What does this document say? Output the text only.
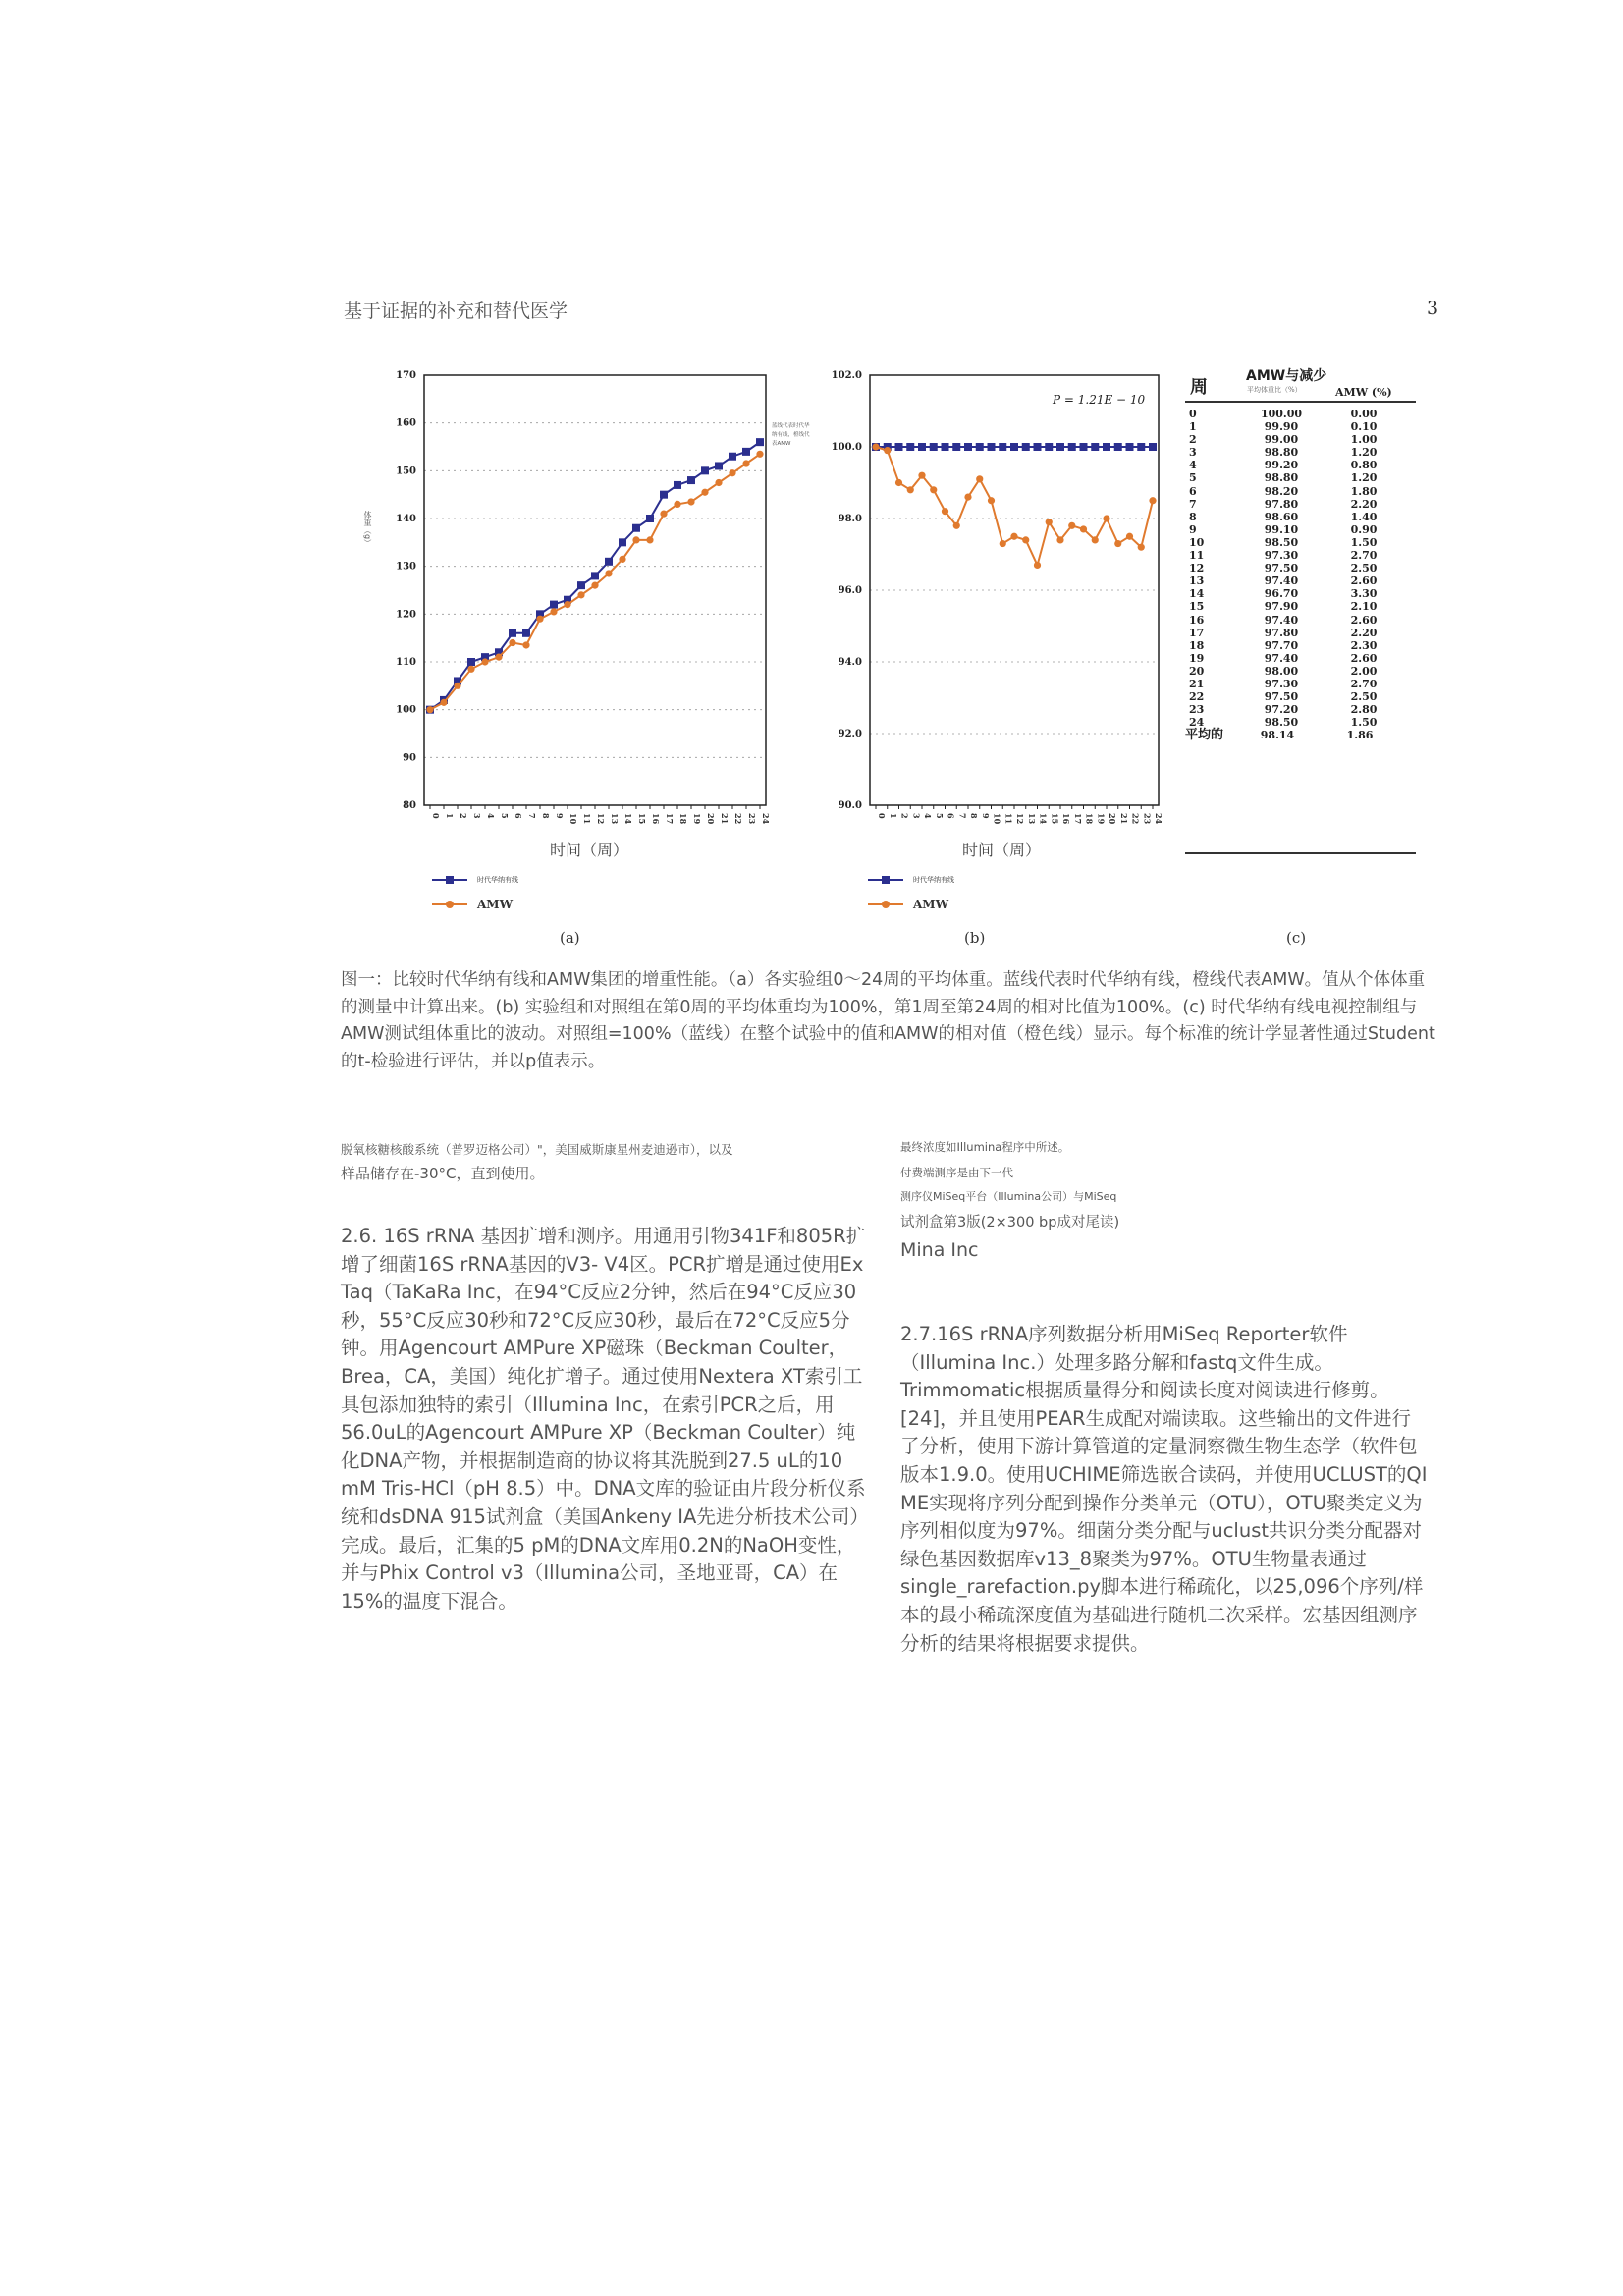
基于证据的补充和替代医学	3
80
90
100
110
120
130
140
150
160
170
0 1 2 3 4 5 6 7 8 9 10 11 12 13 14 15 16 17 18 19 20 21 22 23 24
时间（周）
体重（g）
蓝线代表时代华纳有线，橙线代表AMW
时代华纳有线
AMW
(a)
90.0
92.0
94.0
96.0
98.0
100.0
102.0
0 1 2 3 4 5 6 7 8 9 10 11 12 13 14 15 16 17 18 19 20 21 22 23 24
时间（周）
P = 1.21E − 10
时代华纳有线
AMW
(b)
周
AMW与减少
平均体重比（%）	AMW (%)
0	100.00	0.00
1	99.90	0.10
2	99.00	1.00
3	98.80	1.20
4	99.20	0.80
5	98.80	1.20
6	98.20	1.80
7	97.80	2.20
8	98.60	1.40
9	99.10	0.90
10	98.50	1.50
11	97.30	2.70
12	97.50	2.50
13	97.40	2.60
14	96.70	3.30
15	97.90	2.10
16	97.40	2.60
17	97.80	2.20
18	97.70	2.30
19	97.40	2.60
20	98.00	2.00
21	97.30	2.70
22	97.50	2.50
23	97.20	2.80
24	98.50	1.50
平均的	98.14	1.86
(c)
图一：比较时代华纳有线和AMW集团的增重性能。（a）各实验组0～24周的平均体重。蓝线代表时代华纳有线，橙线代表AMW。值从个体体重的测量中计算出来。(b) 实验组和对照组在第0周的平均体重均为100%，第1周至第24周的相对比值为100%。(c) 时代华纳有线电视控制组与AMW测试组体重比的波动。对照组=100%（蓝线）在整个试验中的值和AMW的相对值（橙色线）显示。每个标准的统计学显著性通过Student的t-检验进行评估，并以p值表示。
脱氧核糖核酸系统（普罗迈格公司）"，美国威斯康星州麦迪逊市），以及
样品储存在-30°C，直到使用。
2.6. 16S rRNA 基因扩增和测序。用通用引物341F和805R扩增了细菌16S rRNA基因的V3- V4区。PCR扩增是通过使用Ex Taq（TaKaRa Inc，在94°C反应2分钟，然后在94°C反应30秒，55°C反应30秒和72°C反应30秒，最后在72°C反应5分钟。用Agencourt AMPure XP磁珠（Beckman Coulter，Brea，CA，美国）纯化扩增子。通过使用Nextera XT索引工具包添加独特的索引（Illumina Inc，在索引PCR之后，用56.0uL的Agencourt AMPure XP（Beckman Coulter）纯化DNA产物，并根据制造商的协议将其洗脱到27.5 uL的10 mM Tris-HCl（pH 8.5）中。DNA文库的验证由片段分析仪系统和dsDNA 915试剂盒（美国Ankeny IA先进分析技术公司）完成。最后，汇集的5 pM的DNA文库用0.2N的NaOH变性，并与Phix Control v3（Illumina公司，圣地亚哥，CA）在15%的温度下混合。
最终浓度如Illumina程序中所述。
付费端测序是由下一代
测序仪MiSeq平台（Illumina公司）与MiSeq
试剂盒第3版(2×300 bp成对尾读)
Mina Inc
2.7.16S rRNA序列数据分析用MiSeq Reporter软件（Illumina Inc.）处理多路分解和fastq文件生成。Trimmomatic根据质量得分和阅读长度对阅读进行修剪。[24]，并且使用PEAR生成配对端读取。这些输出的文件进行了分析，使用下游计算管道的定量洞察微生物生态学（软件包版本1.9.0。使用UCHIME筛选嵌合读码，并使用UCLUST的QI ME实现将序列分配到操作分类单元（OTU），OTU聚类定义为序列相似度为97%。细菌分类分配与uclust共识分类分配器对绿色基因数据库v13_8聚类为97%。OTU生物量表通过single_rarefaction.py脚本进行稀疏化，以25,096个序列/样本的最小稀疏深度值为基础进行随机二次采样。宏基因组测序分析的结果将根据要求提供。
